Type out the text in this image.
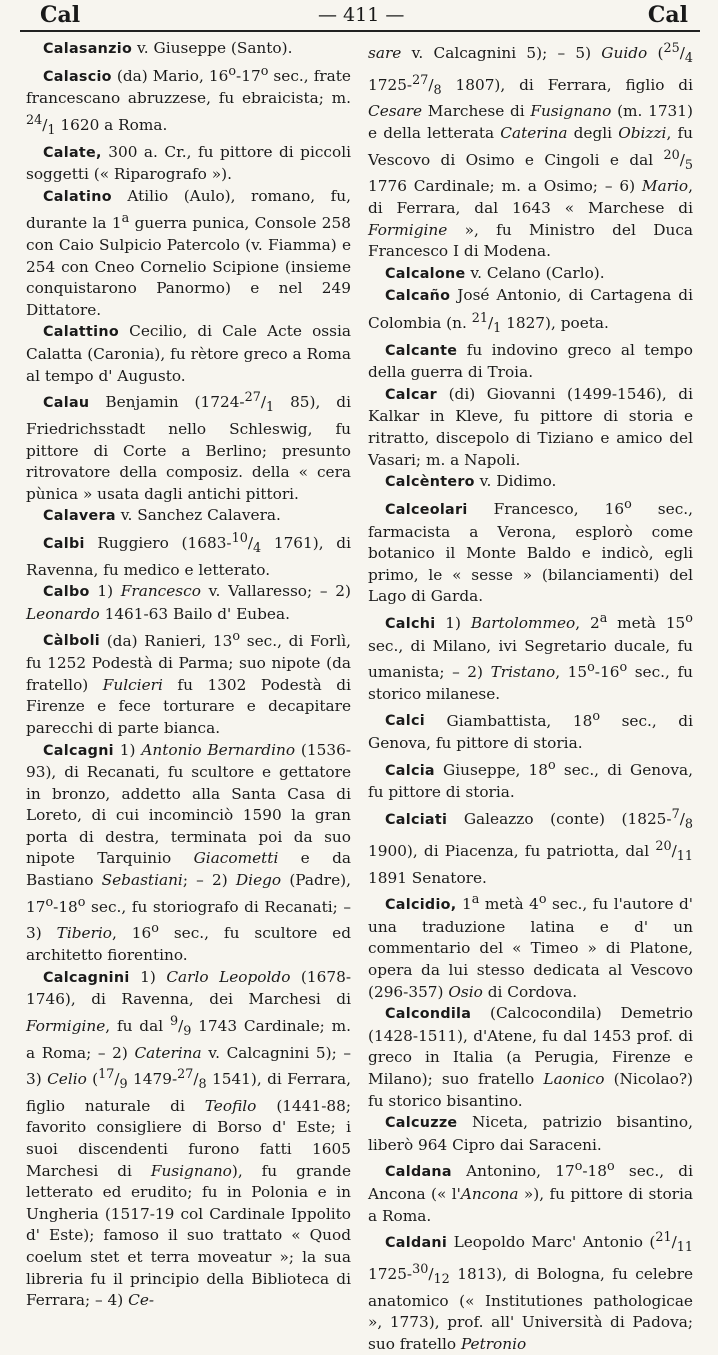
Cal	— 411 —	Cal

Calasanzio v. Giuseppe (Santo).

Calascio (da) Mario, 16$^o$-17$^o$ sec., frate francescano abruzzese, fu ebraicista; m. $^{24}/_1$ 1620 a Roma.

Calate, 300 a. Cr., fu pittore di piccoli soggetti (« Riparografo »).

Calatino Atilio (Aulo), romano, fu, durante la 1$^a$ guerra punica, Console 258 con Caio Sulpicio Patercolo (v. Fiamma) e 254 con Cneo Cornelio Scipione (insieme conquistarono Panormo) e nel 249 Dittatore.

Calattino Cecilio, di Cale Acte ossia Calatta (Caronia), fu rètore greco a Roma al tempo d' Augusto.

Calau Benjamin ($1724-^{27}/_1$ 85), di Friedrichsstadt nello Schleswig, fu pittore di Corte a Berlino; presunto ritrovatore della composiz. della « cera pùnica » usata dagli antichi pittori.

Calavera v. Sanchez Calavera.

Calbi Ruggiero ($1683-^{10}/_4$ 1761), di Ravenna, fu medico e letterato.

Calbo 1) Francesco v. Vallaresso; – 2) Leonardo 1461-63 Bailo d' Eubea.

Càlboli (da) Ranieri, 13$^o$ sec., di Forlì, fu 1252 Podestà di Parma; suo nipote (da fratello) Fulcieri fu 1302 Podestà di Firenze e fece torturare e decapitare parecchi di parte bianca.

Calcagni 1) Antonio Bernardino (1536-93), di Recanati, fu scultore e gettatore in bronzo, addetto alla Santa Casa di Loreto, di cui incominciò 1590 la gran porta di destra, terminata poi da suo nipote Tarquinio Giacometti e da Bastiano Sebastiani; – 2) Diego (Padre), 17$^o$-18$^o$ sec., fu storiografo di Recanati; – 3) Tiberio, 16$^o$ sec., fu scultore ed architetto fiorentino.

Calcagnini 1) Carlo Leopoldo (1678-1746), di Ravenna, dei Marchesi di Formigine, fu dal $^9/_9$ 1743 Cardinale; m. a Roma; – 2) Caterina v. Calcagnini 5); – 3) Celio ($^{17}/_9$ $1479-^{27}/_8$ 1541), di Ferrara, figlio naturale di Teofilo (1441-88; favorito consigliere di Borso d' Este; i suoi discendenti furono fatti 1605 Marchesi di Fusignano), fu grande letterato ed erudito; fu in Polonia e in Ungheria (1517-19 col Cardinale Ippolito d' Este); famoso il suo trattato « Quod coelum stet et terra moveatur »; la sua libreria fu il principio della Biblioteca di Ferrara; – 4) Ce-

sare v. Calcagnini 5); – 5) Guido ($^{25}/_4$ $1725-^{27}/_8$ 1807), di Ferrara, figlio di Cesare Marchese di Fusignano (m. 1731) e della letterata Caterina degli Obizzi, fu Vescovo di Osimo e Cingoli e dal $^{20}/_5$ 1776 Cardinale; m. a Osimo; – 6) Mario, di Ferrara, dal 1643 « Marchese di Formigine », fu Ministro del Duca Francesco I di Modena.

Calcalone v. Celano (Carlo).

Calcaño José Antonio, di Cartagena di Colombia (n. $^{21}/_1$ 1827), poeta.

Calcante fu indovino greco al tempo della guerra di Troia.

Calcar (di) Giovanni (1499-1546), di Kalkar in Kleve, fu pittore di storia e ritratto, discepolo di Tiziano e amico del Vasari; m. a Napoli.

Calcèntero v. Didimo.

Calceolari Francesco, 16$^o$ sec., farmacista a Verona, esplorò come botanico il Monte Baldo e indicò, egli primo, le « sesse » (bilanciamenti) del Lago di Garda.

Calchi 1) Bartolommeo, 2$^a$ metà 15$^o$ sec., di Milano, ivi Segretario ducale, fu umanista; – 2) Tristano, 15$^o$-16$^o$ sec., fu storico milanese.

Calci Giambattista, 18$^o$ sec., di Genova, fu pittore di storia.

Calcia Giuseppe, 18$^o$ sec., di Genova, fu pittore di storia.

Calciati Galeazzo (conte) ($1825-^7/_8$ 1900), di Piacenza, fu patriotta, dal $^{20}/_{11}$ 1891 Senatore.

Calcidio, 1$^a$ metà 4$^o$ sec., fu l'autore d' una traduzione latina e d' un commentario del « Timeo » di Platone, opera da lui stesso dedicata al Vescovo (296-357) Osio di Cordova.

Calcondila (Calcocondila) Demetrio (1428-1511), d'Atene, fu dal 1453 prof. di greco in Italia (a Perugia, Firenze e Milano); suo fratello Laonico (Nicolao?) fu storico bisantino.

Calcuzze Niceta, patrizio bisantino, liberò 964 Cipro dai Saraceni.

Caldana Antonino, 17$^o$-18$^o$ sec., di Ancona (« l'Ancona »), fu pittore di storia a Roma.

Caldani Leopoldo Marc' Antonio ($^{21}/_{11}$ $1725-^{30}/_{12}$ 1813), di Bologna, fu celebre anatomico (« Institutiones pathologicae », 1773), prof. all' Università di Padova; suo fratello Petronio
